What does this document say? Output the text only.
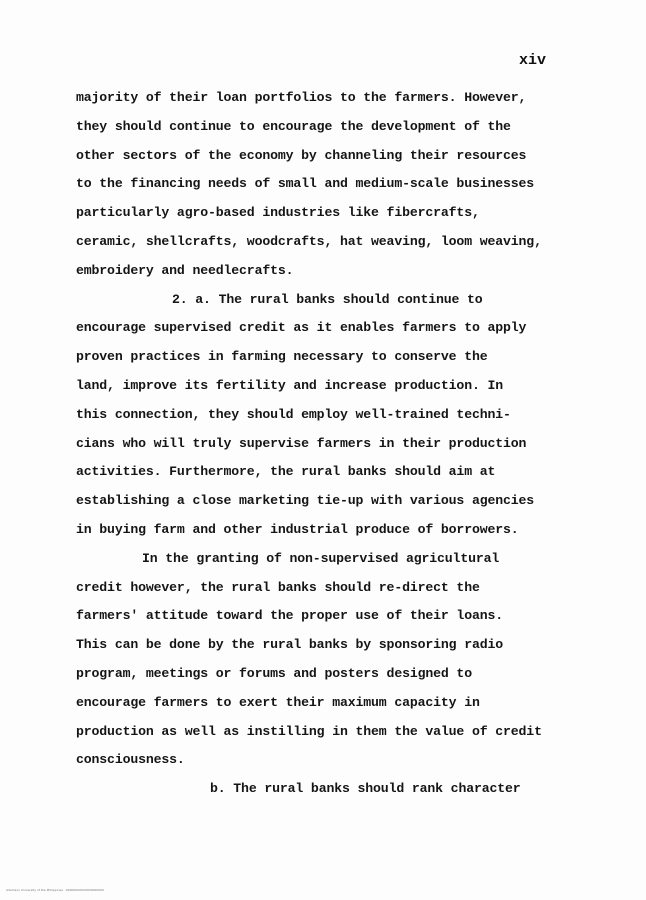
xiv
majority of their loan portfolios to the farmers. However,
they should continue to encourage the development of the
other sectors of the economy by channeling their resources
to the financing needs of small and medium-scale businesses
particularly agro-based industries like fibercrafts,
ceramic, shellcrafts, woodcrafts, hat weaving, loom weaving,
embroidery and needlecrafts.
2. a. The rural banks should continue to
encourage supervised credit as it enables farmers to apply
proven practices in farming necessary to conserve the
land, improve its fertility and increase production. In
this connection, they should employ well-trained techni-
cians who will truly supervise farmers in their production
activities. Furthermore, the rural banks should aim at
establishing a close marketing tie-up with various agencies
in buying farm and other industrial produce of borrowers.
In the granting of non-supervised agricultural
credit however, the rural banks should re-direct the
farmers' attitude toward the proper use of their loans.
This can be done by the rural banks by sponsoring radio
program, meetings or forums and posters designed to
encourage farmers to exert their maximum capacity in
production as well as instilling in them the value of credit
consciousness.
b. The rural banks should rank character
Adamson University of the Philippines · 00000000000000000000
